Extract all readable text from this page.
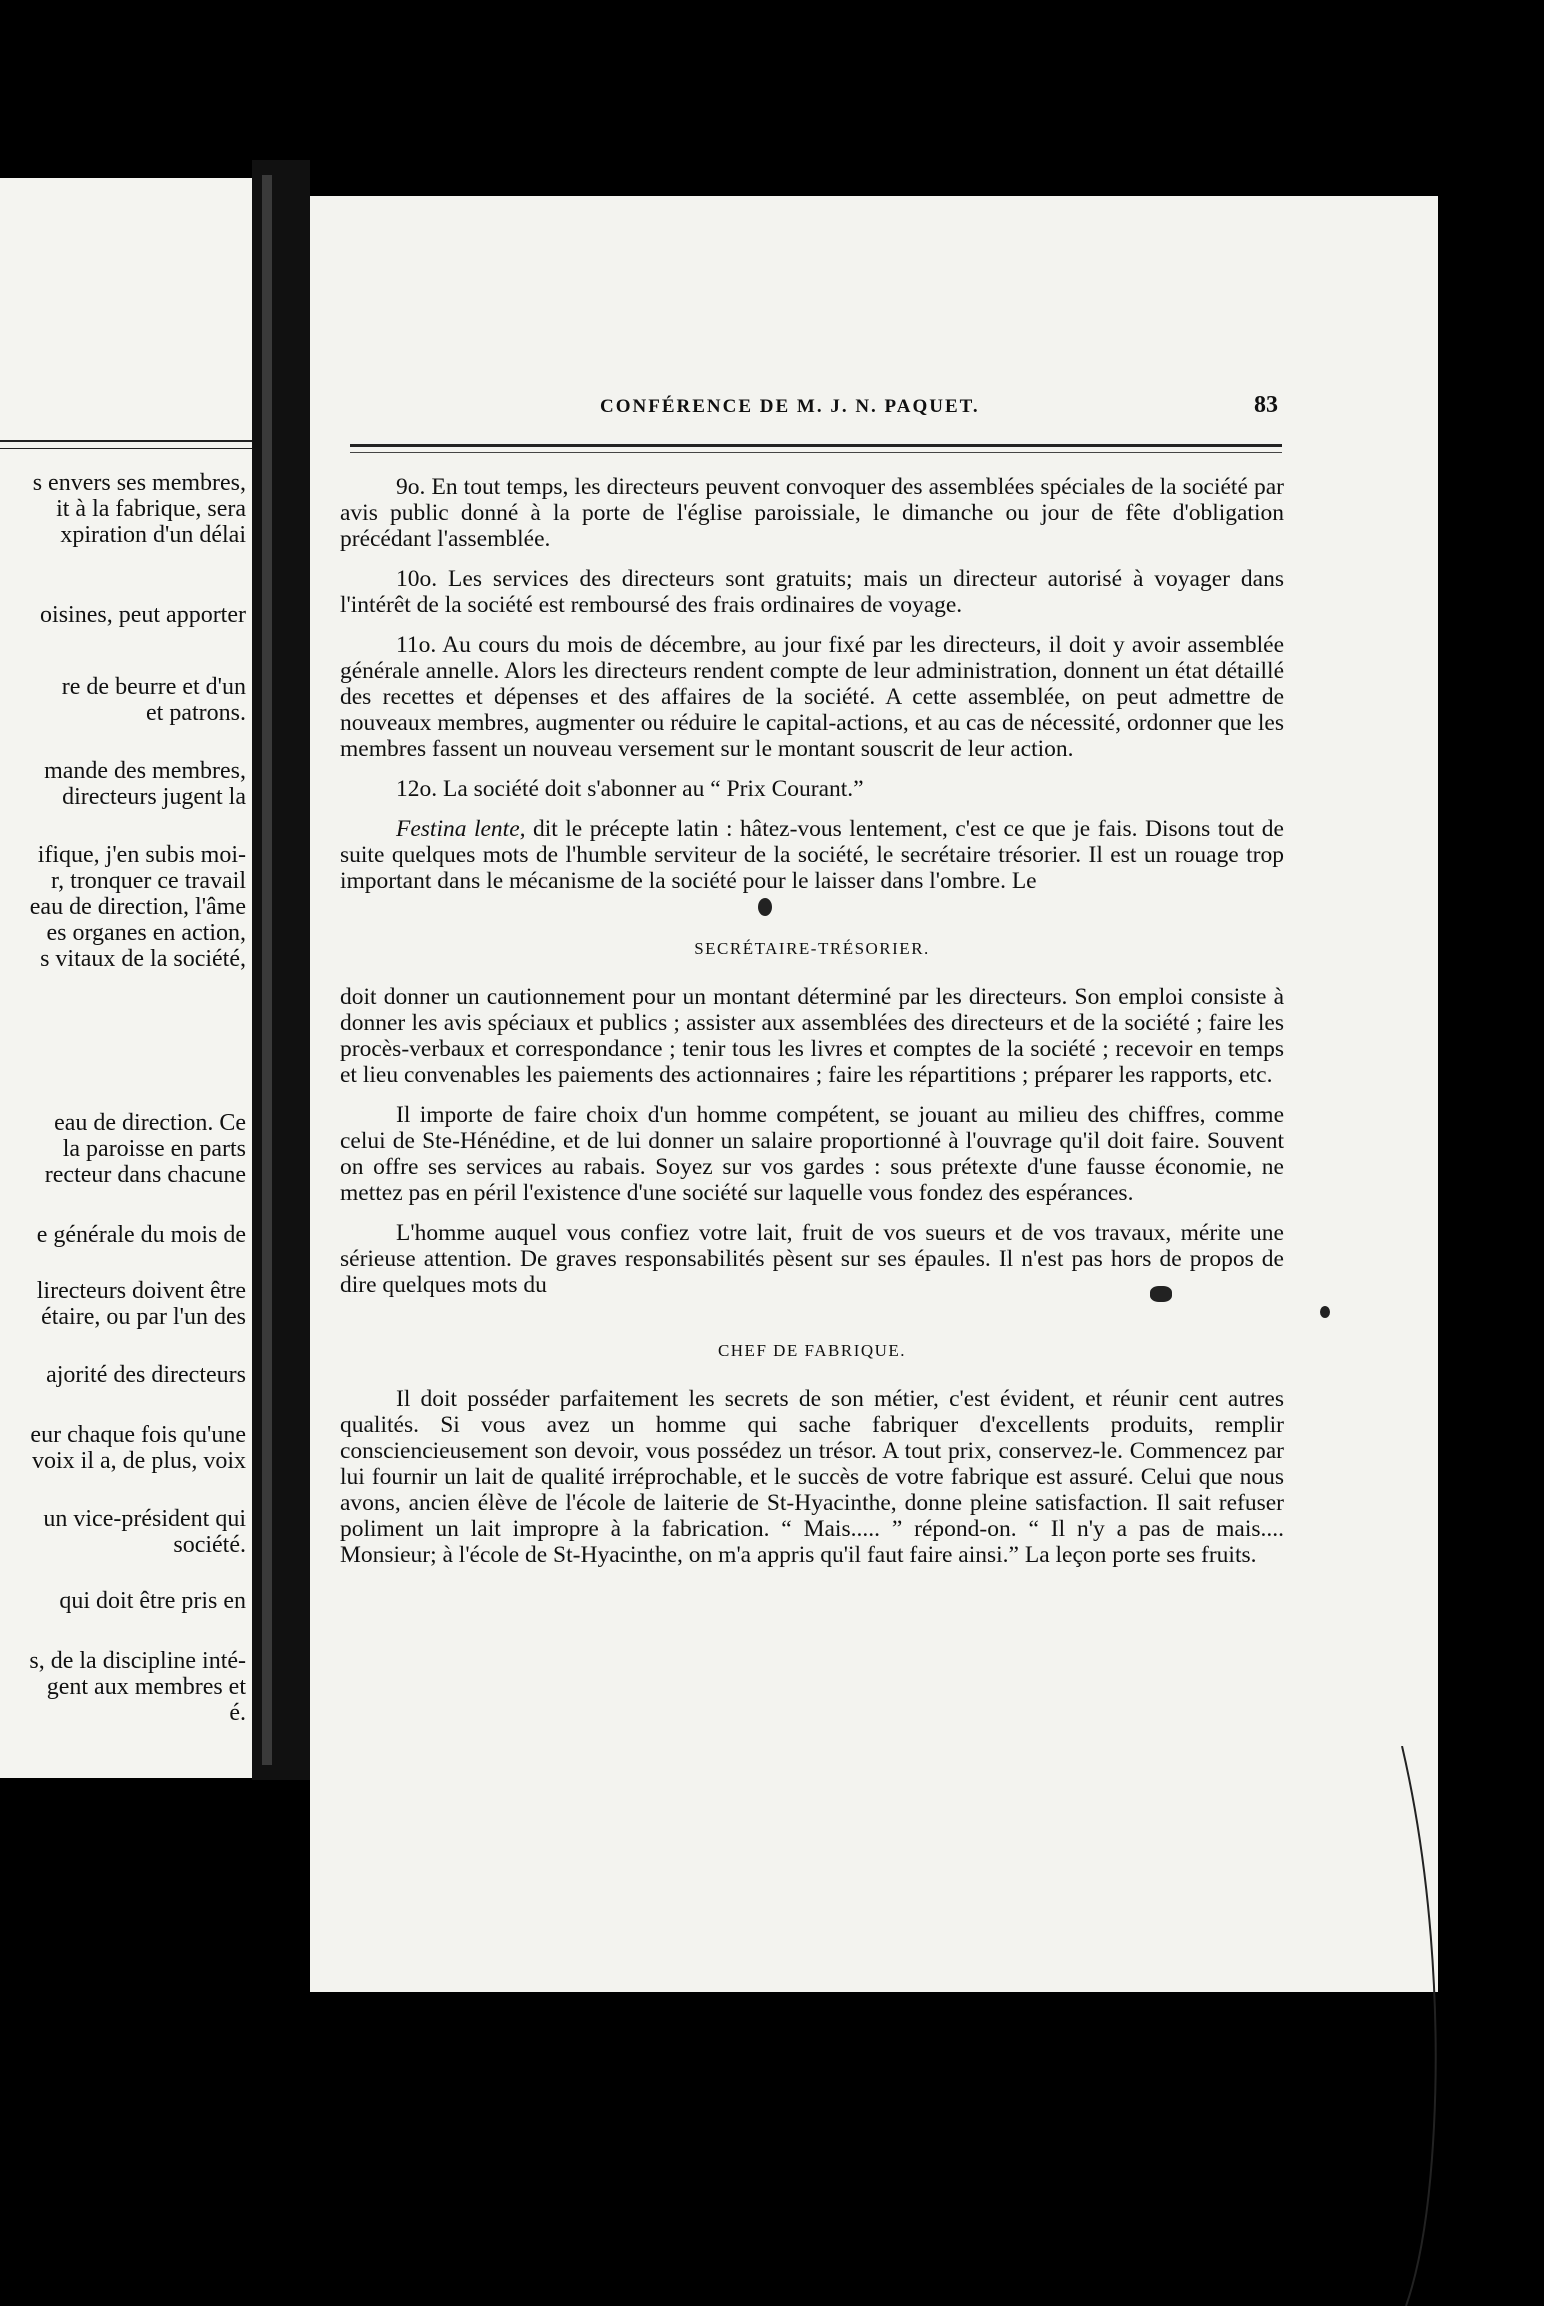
s envers ses membres,
it à la fabrique, sera
xpiration d'un délai
oisines, peut apporter
re de beurre et d'un
et patrons.
mande des membres,
directeurs jugent la
ifique, j'en subis moi-
r, tronquer ce travail
eau de direction, l'âme
es organes en action,
s vitaux de la société,
eau de direction. Ce
la paroisse en parts
recteur dans chacune
e générale du mois de
lirecteurs doivent être
étaire, ou par l'un des
ajorité des directeurs
eur chaque fois qu'une
voix il a, de plus, voix
un vice-président qui
société.
qui doit être pris en
s, de la discipline inté-
gent aux membres et
é.
CONFÉRENCE DE M. J. N. PAQUET.	83

9o. En tout temps, les directeurs peuvent convoquer des assemblées spéciales de la société par avis public donné à la porte de l'église paroissiale, le dimanche ou jour de fête d'obligation précédant l'assemblée.

10o. Les services des directeurs sont gratuits; mais un directeur autorisé à voyager dans l'intérêt de la société est remboursé des frais ordinaires de voyage.

11o. Au cours du mois de décembre, au jour fixé par les directeurs, il doit y avoir assemblée générale annelle. Alors les directeurs rendent compte de leur administration, donnent un état détaillé des recettes et dépenses et des affaires de la société. A cette assemblée, on peut admettre de nouveaux membres, augmenter ou réduire le capital-actions, et au cas de nécessité, ordonner que les membres fassent un nouveau versement sur le montant souscrit de leur action.

12o. La société doit s'abonner au “ Prix Courant.”

Festina lente, dit le précepte latin : hâtez-vous lentement, c'est ce que je fais. Disons tout de suite quelques mots de l'humble serviteur de la société, le secrétaire trésorier. Il est un rouage trop important dans le mécanisme de la société pour le laisser dans l'ombre. Le

SECRÉTAIRE-TRÉSORIER.

doit donner un cautionnement pour un montant déterminé par les directeurs. Son emploi consiste à donner les avis spéciaux et publics ; assister aux assemblées des directeurs et de la société ; faire les procès-verbaux et correspondance ; tenir tous les livres et comptes de la société ; recevoir en temps et lieu convenables les paiements des actionnaires ; faire les répartitions ; préparer les rapports, etc.

Il importe de faire choix d'un homme compétent, se jouant au milieu des chiffres, comme celui de Ste-Hénédine, et de lui donner un salaire proportionné à l'ouvrage qu'il doit faire. Souvent on offre ses services au rabais. Soyez sur vos gardes : sous prétexte d'une fausse économie, ne mettez pas en péril l'existence d'une société sur laquelle vous fondez des espérances.

L'homme auquel vous confiez votre lait, fruit de vos sueurs et de vos travaux, mérite une sérieuse attention. De graves responsabilités pèsent sur ses épaules. Il n'est pas hors de propos de dire quelques mots du

CHEF DE FABRIQUE.

Il doit posséder parfaitement les secrets de son métier, c'est évident, et réunir cent autres qualités. Si vous avez un homme qui sache fabriquer d'excellents produits, remplir consciencieusement son devoir, vous possédez un trésor. A tout prix, conservez-le. Commencez par lui fournir un lait de qualité irréprochable, et le succès de votre fabrique est assuré. Celui que nous avons, ancien élève de l'école de laiterie de St-Hyacinthe, donne pleine satisfaction. Il sait refuser poliment un lait impropre à la fabrication. “ Mais..... ” répond-on. “ Il n'y a pas de mais.... Monsieur; à l'école de St-Hyacinthe, on m'a appris qu'il faut faire ainsi.” La leçon porte ses fruits.
